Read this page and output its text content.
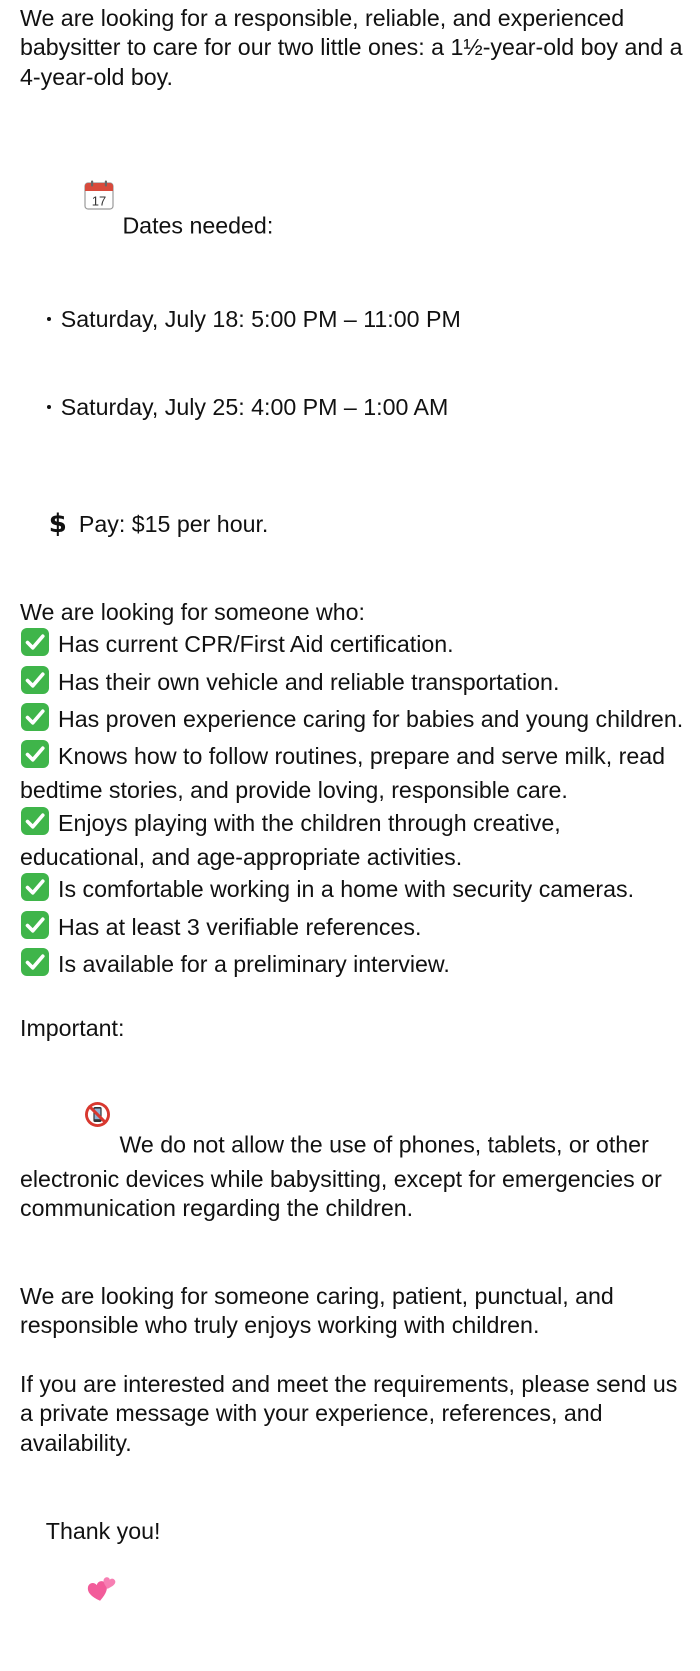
We are looking for a responsible, reliable, and experienced babysitter to care for our two little ones: a 1½-year-old boy and a 4-year-old boy.

17

Dates needed:

Saturday, July 18: 5:00 PM – 11:00 PM

Saturday, July 25: 4:00 PM – 1:00 AM

$ Pay: $15 per hour.

We are looking for someone who:
Has current CPR/First Aid certification.
Has their own vehicle and reliable transportation.
Has proven experience caring for babies and young children.
Knows how to follow routines, prepare and serve milk, read bedtime stories, and provide loving, responsible care.
Enjoys playing with the children through creative, educational, and age-appropriate activities.
Is comfortable working in a home with security cameras.
Has at least 3 verifiable references.
Is available for a preliminary interview.
Important:

We do not allow the use of phones, tablets, or other electronic devices while babysitting, except for emergencies or communication regarding the children.

We are looking for someone caring, patient, punctual, and responsible who truly enjoys working with children.
If you are interested and meet the requirements, please send us a private message with your experience, references, and availability.

Thank you!
